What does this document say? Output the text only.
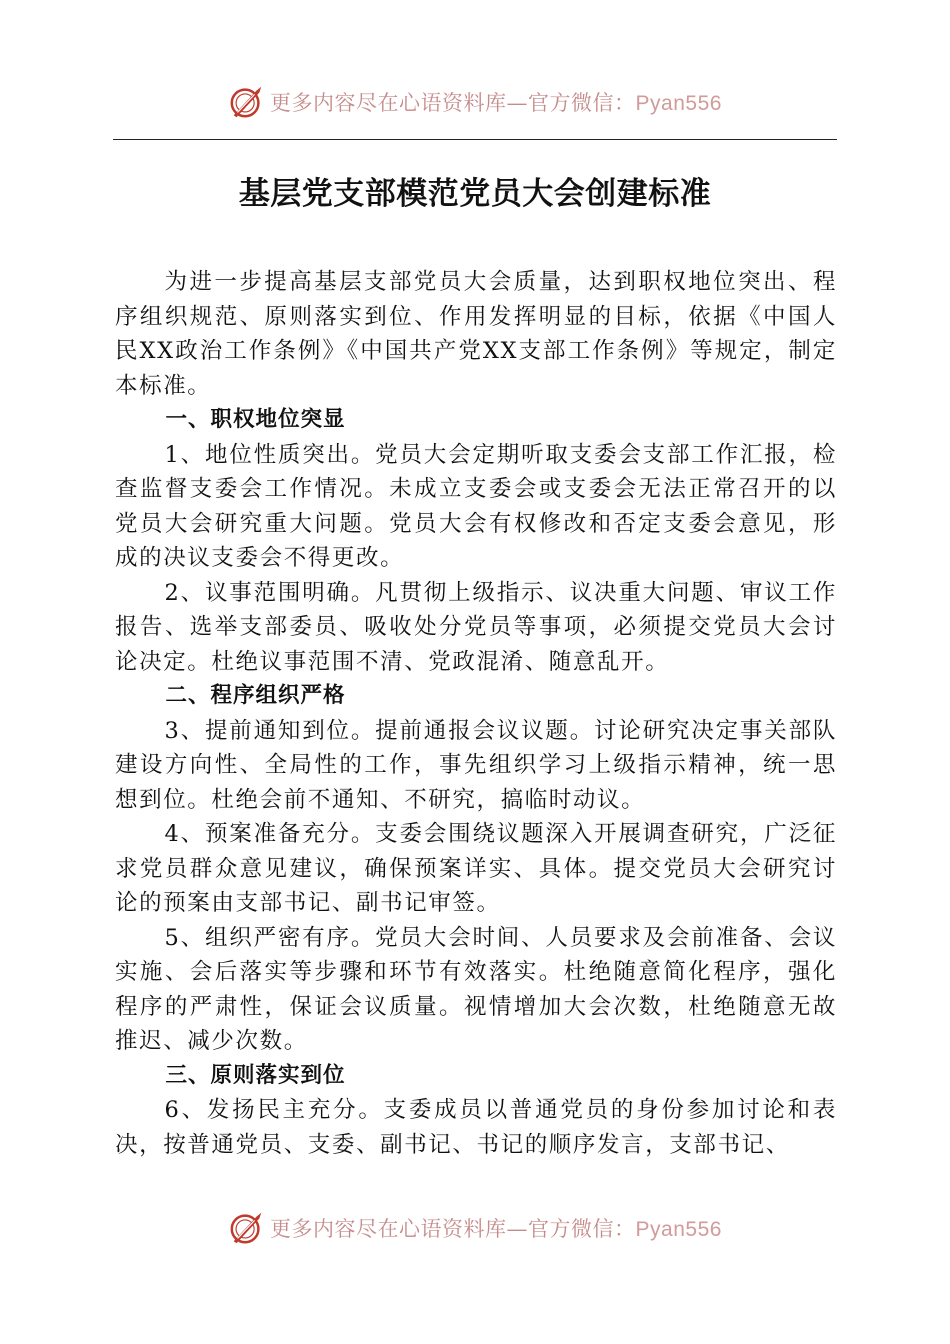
更多内容尽在心语资料库—官方微信：Pyan556
基层党支部模范党员大会创建标准

为进一步提高基层支部党员大会质量，达到职权地位突出、程序组织规范、原则落实到位、作用发挥明显的目标，依据《中国人民XX政治工作条例》《中国共产党XX支部工作条例》等规定，制定本标准。

一、职权地位突显

1、地位性质突出。党员大会定期听取支委会支部工作汇报，检查监督支委会工作情况。未成立支委会或支委会无法正常召开的以党员大会研究重大问题。党员大会有权修改和否定支委会意见，形成的决议支委会不得更改。

2、议事范围明确。凡贯彻上级指示、议决重大问题、审议工作报告、选举支部委员、吸收处分党员等事项，必须提交党员大会讨论决定。杜绝议事范围不清、党政混淆、随意乱开。

二、程序组织严格

3、提前通知到位。提前通报会议议题。讨论研究决定事关部队建设方向性、全局性的工作，事先组织学习上级指示精神，统一思想到位。杜绝会前不通知、不研究，搞临时动议。

4、预案准备充分。支委会围绕议题深入开展调查研究，广泛征求党员群众意见建议，确保预案详实、具体。提交党员大会研究讨论的预案由支部书记、副书记审签。

5、组织严密有序。党员大会时间、人员要求及会前准备、会议实施、会后落实等步骤和环节有效落实。杜绝随意简化程序，强化程序的严肃性，保证会议质量。视情增加大会次数，杜绝随意无故推迟、减少次数。

三、原则落实到位

6、发扬民主充分。支委成员以普通党员的身份参加讨论和表决，按普通党员、支委、副书记、书记的顺序发言，支部书记、

更多内容尽在心语资料库—官方微信：Pyan556
